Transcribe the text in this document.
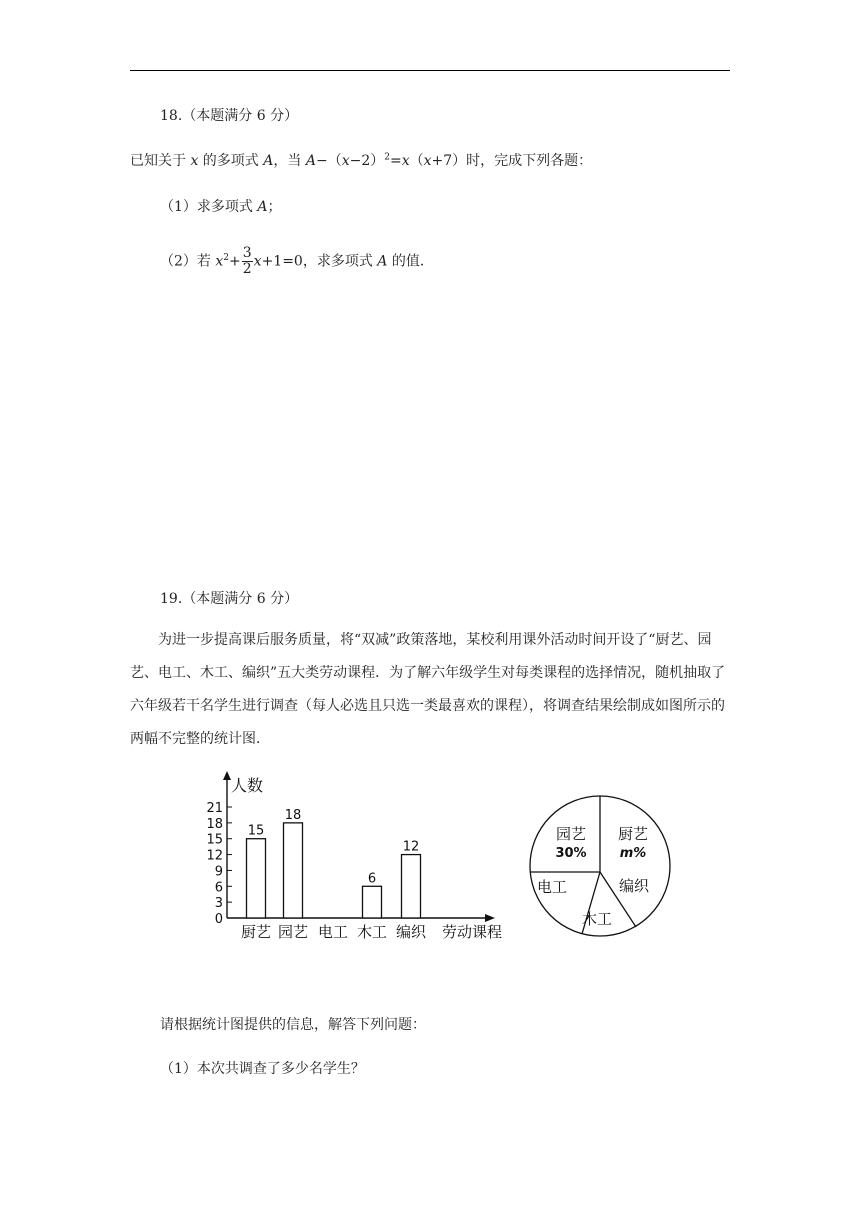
18.（本题满分 6 分）
已知关于 x 的多项式 A，当 $A-(x-2)^2=x(x+7)$时，完成下列各题：
（1）求多项式 A；
（2）若 $x^2+ \frac{3}{2} x+1=0$，求多项式 A 的值．
19.（本题满分 6 分）
为进一步提高课后服务质量，将“双减”政策落地，某校利用课外活动时间开设了“厨艺、园艺、电工、木工、编织”五大类劳动课程．为了解六年级学生对每类课程的选择情况，随机抽取了六年级若干名学生进行调查（每人必选且只选一类最喜欢的课程），将调查结果绘制成如图所示的两幅不完整的统计图．
人数
劳动课程
0
3
6
9
12
15
18
21
15
18
6
12
厨艺 园艺 电工 木工 编织
厨艺
m%
编织
木工
电工
园艺
30%
请根据统计图提供的信息，解答下列问题：
（1）本次共调查了多少名学生？
